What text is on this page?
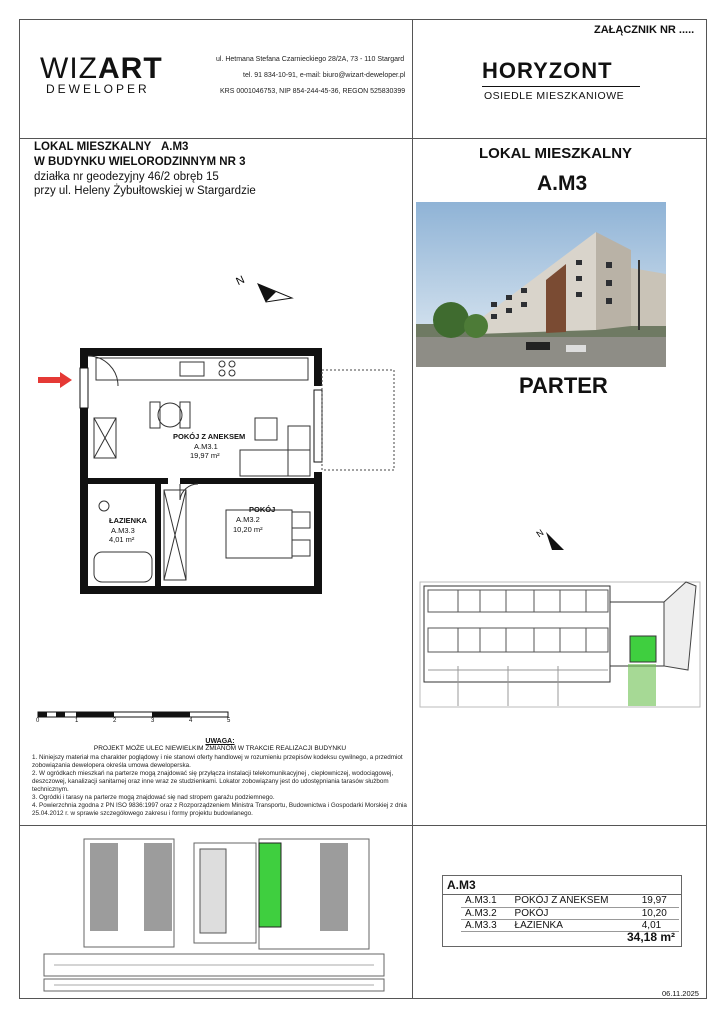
ZAŁĄCZNIK NR .....
WIZART
DEWELOPER
ul. Hetmana Stefana Czarnieckiego 28/2A, 73 - 110 Stargard
tel. 91 834-10-91, e-mail: biuro@wizart-deweloper.pl
KRS 0001046753, NIP 854-244-45-36, REGON 525830399
HORYZONT
OSIEDLE MIESZKANIOWE
LOKAL MIESZKALNY A.M3
W BUDYNKU WIELORODZINNYM NR 3
działka nr geodezyjny 46/2 obręb 15
przy ul. Heleny Żybułtowskiej w Stargardzie
LOKAL MIESZKALNY
A.M3
PARTER
N
POKÓJ Z ANEKSEM
A.M3.1
19,97 m²
POKÓJ
A.M3.2
10,20 m²
ŁAZIENKA
A.M3.3
4,01 m²
0	1	2	3	4	5
UWAGA:
PROJEKT MOŻE ULEC NIEWIELKIM ZMIANOM W TRAKCIE REALIZACJI BUDYNKU

1. Niniejszy materiał ma charakter poglądowy i nie stanowi oferty handlowej w rozumieniu przepisów kodeksu cywilnego, a przedmiot zobowiązania dewelopera określa umowa deweloperska.

2. W ogródkach mieszkań na parterze mogą znajdować się przyłącza instalacji telekomunikacyjnej , ciepłowniczej, wodociągowej, deszczowej, kanalizacji sanitarnej oraz inne wraz ze studzienkami. Lokator zobowiązany jest do udostępniania tarasów służbom technicznym.

3. Ogródki i tarasy na parterze mogą znajdować się nad stropem garażu podziemnego.

4. Powierzchnia zgodna z PN ISO 9836:1997 oraz z Rozporządzeniem Ministra Transportu, Budownictwa i Gospodarki Morskiej z dnia 25.04.2012 r. w sprawie szczegółowego zakresu i formy projektu budowlanego.

N
A.M3
A.M3.1	POKÓJ Z ANEKSEM	19,97
A.M3.2	POKÓJ	10,20
A.M3.3	ŁAZIENKA	4,01
34,18 m²
06.11.2025
